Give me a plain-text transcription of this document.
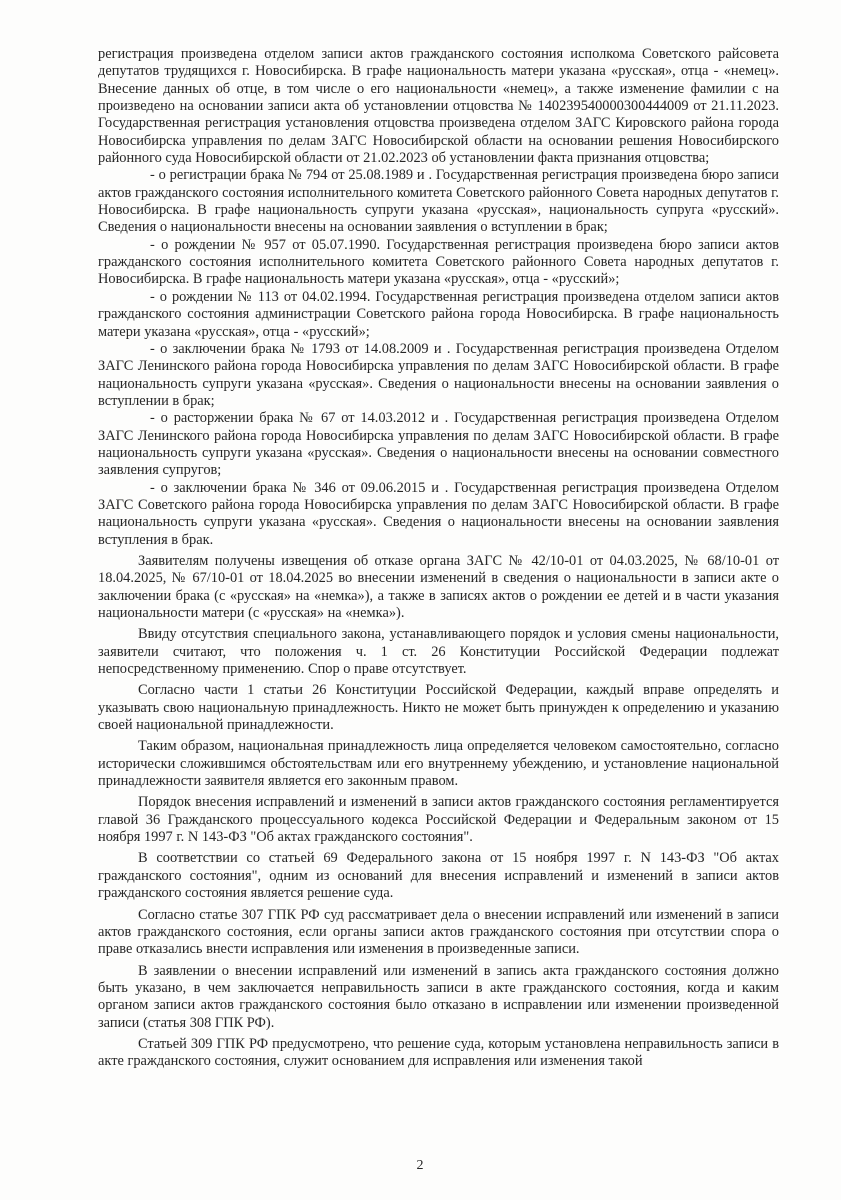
регистрация произведена отделом записи актов гражданского состояния исполкома Советского райсовета депутатов трудящихся г. Новосибирска. В графе национальность матери указана «русская», отца - «немец». Внесение данных об отце, в том числе о его национальности «немец», а также изменение фамилии с на произведено на основании записи акта об установлении отцовства № 140239540000300444009 от 21.11.2023. Государственная регистрация установления отцовства произведена отделом ЗАГС Кировского района города Новосибирска управления по делам ЗАГС Новосибирской области на основании решения Новосибирского районного суда Новосибирской области от 21.02.2023 об установлении факта признания отцовства;

- о регистрации брака № 794 от 25.08.1989 и . Государственная регистрация произведена бюро записи актов гражданского состояния исполнительного комитета Советского районного Совета народных депутатов г. Новосибирска. В графе национальность супруги указана «русская», национальность супруга «русский». Сведения о национальности внесены на основании заявления о вступлении в брак;

- о рождении № 957 от 05.07.1990. Государственная регистрация произведена бюро записи актов гражданского состояния исполнительного комитета Советского районного Совета народных депутатов г. Новосибирска. В графе национальность матери указана «русская», отца - «русский»;

- о рождении № 113 от 04.02.1994. Государственная регистрация произведена отделом записи актов гражданского состояния администрации Советского района города Новосибирска. В графе национальность матери указана «русская», отца - «русский»;

- о заключении брака № 1793 от 14.08.2009 и . Государственная регистрация произведена Отделом ЗАГС Ленинского района города Новосибирска управления по делам ЗАГС Новосибирской области. В графе национальность супруги указана «русская». Сведения о национальности внесены на основании заявления о вступлении в брак;

- о расторжении брака № 67 от 14.03.2012 и . Государственная регистрация произведена Отделом ЗАГС Ленинского района города Новосибирска управления по делам ЗАГС Новосибирской области. В графе национальность супруги указана «русская». Сведения о национальности внесены на основании совместного заявления супругов;

- о заключении брака № 346 от 09.06.2015 и . Государственная регистрация произведена Отделом ЗАГС Советского района города Новосибирска управления по делам ЗАГС Новосибирской области. В графе национальность супруги указана «русская». Сведения о национальности внесены на основании заявления вступления в брак.

Заявителям получены извещения об отказе органа ЗАГС № 42/10-01 от 04.03.2025, № 68/10-01 от 18.04.2025, № 67/10-01 от 18.04.2025 во внесении изменений в сведения о национальности в записи акте о заключении брака (с «русская» на «немка»), а также в записях актов о рождении ее детей и в части указания национальности матери (с «русская» на «немка»).

Ввиду отсутствия специального закона, устанавливающего порядок и условия смены национальности, заявители считают, что положения ч. 1 ст. 26 Конституции Российской Федерации подлежат непосредственному применению. Спор о праве отсутствует.

Согласно части 1 статьи 26 Конституции Российской Федерации, каждый вправе определять и указывать свою национальную принадлежность. Никто не может быть принужден к определению и указанию своей национальной принадлежности.

Таким образом, национальная принадлежность лица определяется человеком самостоятельно, согласно исторически сложившимся обстоятельствам или его внутреннему убеждению, и установление национальной принадлежности заявителя является его законным правом.

Порядок внесения исправлений и изменений в записи актов гражданского состояния регламентируется главой 36 Гражданского процессуального кодекса Российской Федерации и Федеральным законом от 15 ноября 1997 г. N 143-ФЗ "Об актах гражданского состояния".

В соответствии со статьей 69 Федерального закона от 15 ноября 1997 г. N 143-ФЗ "Об актах гражданского состояния", одним из оснований для внесения исправлений и изменений в записи актов гражданского состояния является решение суда.

Согласно статье 307 ГПК РФ суд рассматривает дела о внесении исправлений или изменений в записи актов гражданского состояния, если органы записи актов гражданского состояния при отсутствии спора о праве отказались внести исправления или изменения в произведенные записи.

В заявлении о внесении исправлений или изменений в запись акта гражданского состояния должно быть указано, в чем заключается неправильность записи в акте гражданского состояния, когда и каким органом записи актов гражданского состояния было отказано в исправлении или изменении произведенной записи (статья 308 ГПК РФ).

Статьей 309 ГПК РФ предусмотрено, что решение суда, которым установлена неправильность записи в акте гражданского состояния, служит основанием для исправления или изменения такой

2
